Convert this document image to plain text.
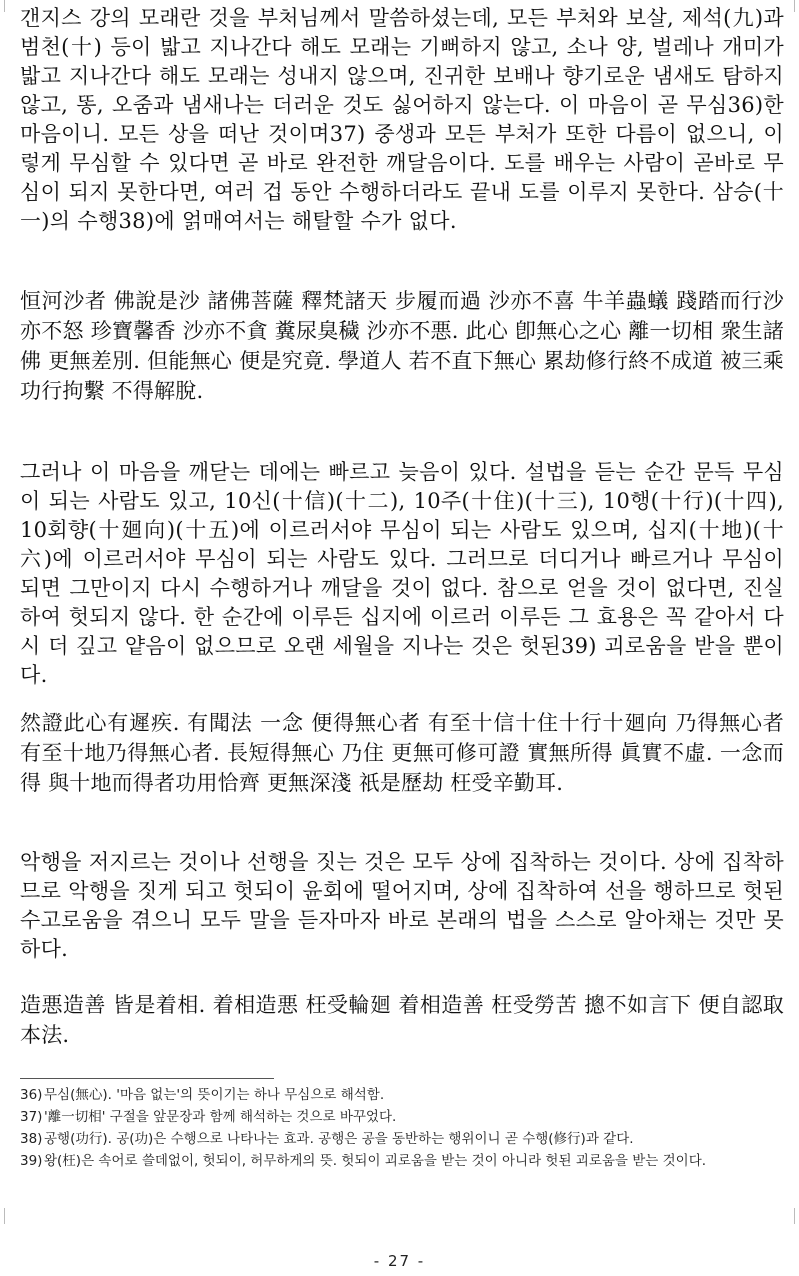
갠지스 강의 모래란 것을 부처님께서 말씀하셨는데, 모든 부처와 보살, 제석(九)과 범천(十) 등이 밟고 지나간다 해도 모래는 기뻐하지 않고, 소나 양, 벌레나 개미가 밟고 지나간다 해도 모래는 성내지 않으며, 진귀한 보배나 향기로운 냄새도 탐하지 않고, 똥, 오줌과 냄새나는 더러운 것도 싫어하지 않는다. 이 마음이 곧 무심36)한 마음이니. 모든 상을 떠난 것이며37) 중생과 모든 부처가 또한 다름이 없으니, 이렇게 무심할 수 있다면 곧 바로 완전한 깨달음이다. 도를 배우는 사람이 곧바로 무심이 되지 못한다면, 여러 겁 동안 수행하더라도 끝내 도를 이루지 못한다. 삼승(十一)의 수행38)에 얽매여서는 해탈할 수가 없다.

恒河沙者 佛說是沙 諸佛菩薩 釋梵諸天 步履而過 沙亦不喜 牛羊蟲蟻 踐踏而行沙亦不怒 珍寶馨香 沙亦不貪 糞尿臭穢 沙亦不悪. 此心 卽無心之心 離一切相 衆生諸佛 更無差別. 但能無心 便是究竟. 學道人 若不直下無心 累劫修行終不成道 被三乘功行拘繫 不得解脫.

그러나 이 마음을 깨닫는 데에는 빠르고 늦음이 있다. 설법을 듣는 순간 문득 무심이 되는 사람도 있고, 10신(十信)(十二), 10주(十住)(十三), 10행(十行)(十四), 10회향(十廻向)(十五)에 이르러서야 무심이 되는 사람도 있으며, 십지(十地)(十六)에 이르러서야 무심이 되는 사람도 있다. 그러므로 더디거나 빠르거나 무심이 되면 그만이지 다시 수행하거나 깨달을 것이 없다. 참으로 얻을 것이 없다면, 진실하여 헛되지 않다. 한 순간에 이루든 십지에 이르러 이루든 그 효용은 꼭 같아서 다시 더 깊고 얕음이 없으므로 오랜 세월을 지나는 것은 헛된39) 괴로움을 받을 뿐이다.

然證此心有遲疾. 有聞法 一念 便得無心者 有至十信十住十行十廻向 乃得無心者 有至十地乃得無心者. 長短得無心 乃住 更無可修可證 實無所得 眞實不虛. 一念而得 與十地而得者功用恰齊 更無深淺 祇是歷劫 枉受辛勤耳.

악행을 저지르는 것이나 선행을 짓는 것은 모두 상에 집착하는 것이다. 상에 집착하므로 악행을 짓게 되고 헛되이 윤회에 떨어지며, 상에 집착하여 선을 행하므로 헛된 수고로움을 겪으니 모두 말을 듣자마자 바로 본래의 법을 스스로 알아채는 것만 못하다.

造悪造善 皆是着相. 着相造悪 枉受輪廻 着相造善 枉受勞苦 摠不如言下 便自認取本法.

36) 무심(無心). '마음 없는'의 뜻이기는 하나 무심으로 해석함.
37) '離一切相' 구절을 앞문장과 함께 해석하는 것으로 바꾸었다.
38) 공행(功行). 공(功)은 수행으로 나타나는 효과. 공행은 공을 동반하는 행위이니 곧 수행(修行)과 같다.
39) 왕(枉)은 속어로 쓸데없이, 헛되이, 허무하게의 뜻. 헛되이 괴로움을 받는 것이 아니라 헛된 괴로움을 받는 것이다.
- 27 -
